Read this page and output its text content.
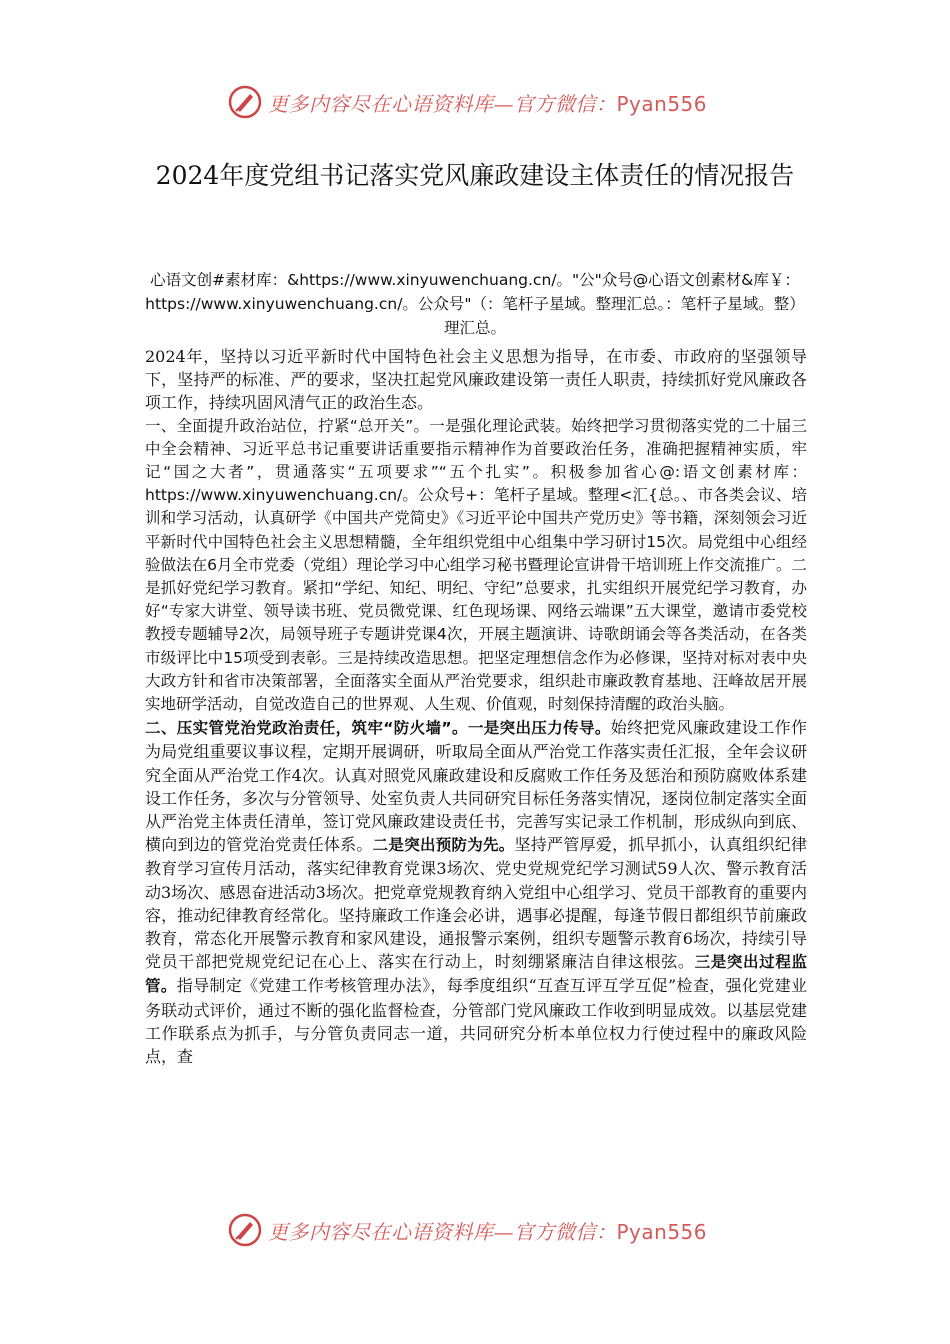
更多内容尽在心语资料库—官方微信：Pyan556
2024年度党组书记落实党风廉政建设主体责任的情况报告
心语文创#素材库：&https://www.xinyuwenchuang.cn/。"公"众号@心语文创素材&库￥：https://www.xinyuwenchuang.cn/。公众号"（：笔杆子星域。整理汇总。：笔杆子星域。整）理汇总。

2024年，坚持以习近平新时代中国特色社会主义思想为指导，在市委、市政府的坚强领导下，坚持严的标准、严的要求，坚决扛起党风廉政建设第一责任人职责，持续抓好党风廉政各项工作，持续巩固风清气正的政治生态。

一、全面提升政治站位，拧紧“总开关”。一是强化理论武装。始终把学习贯彻落实党的二十届三中全会精神、习近平总书记重要讲话重要指示精神作为首要政治任务，准确把握精神实质，牢记“国之大者”，贯通落实“五项要求”“五个扎实”。积极参加省心@:语文创素材库：https://www.xinyuwenchuang.cn/。公众号+：笔杆子星域。整理<汇{总。、市各类会议、培训和学习活动，认真研学《中国共产党简史》《习近平论中国共产党历史》等书籍，深刻领会习近平新时代中国特色社会主义思想精髓，全年组织党组中心组集中学习研讨15次。局党组中心组经验做法在6月全市党委（党组）理论学习中心组学习秘书暨理论宣讲骨干培训班上作交流推广。二是抓好党纪学习教育。紧扣“学纪、知纪、明纪、守纪”总要求，扎实组织开展党纪学习教育，办好“专家大讲堂、领导读书班、党员微党课、红色现场课、网络云端课”五大课堂，邀请市委党校教授专题辅导2次，局领导班子专题讲党课4次，开展主题演讲、诗歌朗诵会等各类活动，在各类市级评比中15项受到表彰。三是持续改造思想。把坚定理想信念作为必修课，坚持对标对表中央大政方针和省市决策部署，全面落实全面从严治党要求，组织赴市廉政教育基地、汪峰故居开展实地研学活动，自觉改造自己的世界观、人生观、价值观，时刻保持清醒的政治头脑。

二、压实管党治党政治责任，筑牢“防火墙”。一是突出压力传导。始终把党风廉政建设工作作为局党组重要议事议程，定期开展调研，听取局全面从严治党工作落实责任汇报，全年会议研究全面从严治党工作4次。认真对照党风廉政建设和反腐败工作任务及惩治和预防腐败体系建设工作任务，多次与分管领导、处室负责人共同研究目标任务落实情况，逐岗位制定落实全面从严治党主体责任清单，签订党风廉政建设责任书，完善写实记录工作机制，形成纵向到底、横向到边的管党治党责任体系。二是突出预防为先。坚持严管厚爱，抓早抓小，认真组织纪律教育学习宣传月活动，落实纪律教育党课3场次、党史党规党纪学习测试59人次、警示教育活动3场次、感恩奋进活动3场次。把党章党规教育纳入党组中心组学习、党员干部教育的重要内容，推动纪律教育经常化。坚持廉政工作逢会必讲，遇事必提醒，每逢节假日都组织节前廉政教育，常态化开展警示教育和家风建设，通报警示案例，组织专题警示教育6场次，持续引导党员干部把党规党纪记在心上、落实在行动上，时刻绷紧廉洁自律这根弦。三是突出过程监管。指导制定《党建工作考核管理办法》，每季度组织“互查互评互学互促”检查，强化党建业务联动式评价，通过不断的强化监督检查，分管部门党风廉政工作收到明显成效。以基层党建工作联系点为抓手，与分管负责同志一道，共同研究分析本单位权力行使过程中的廉政风险点，查

更多内容尽在心语资料库—官方微信：Pyan556
